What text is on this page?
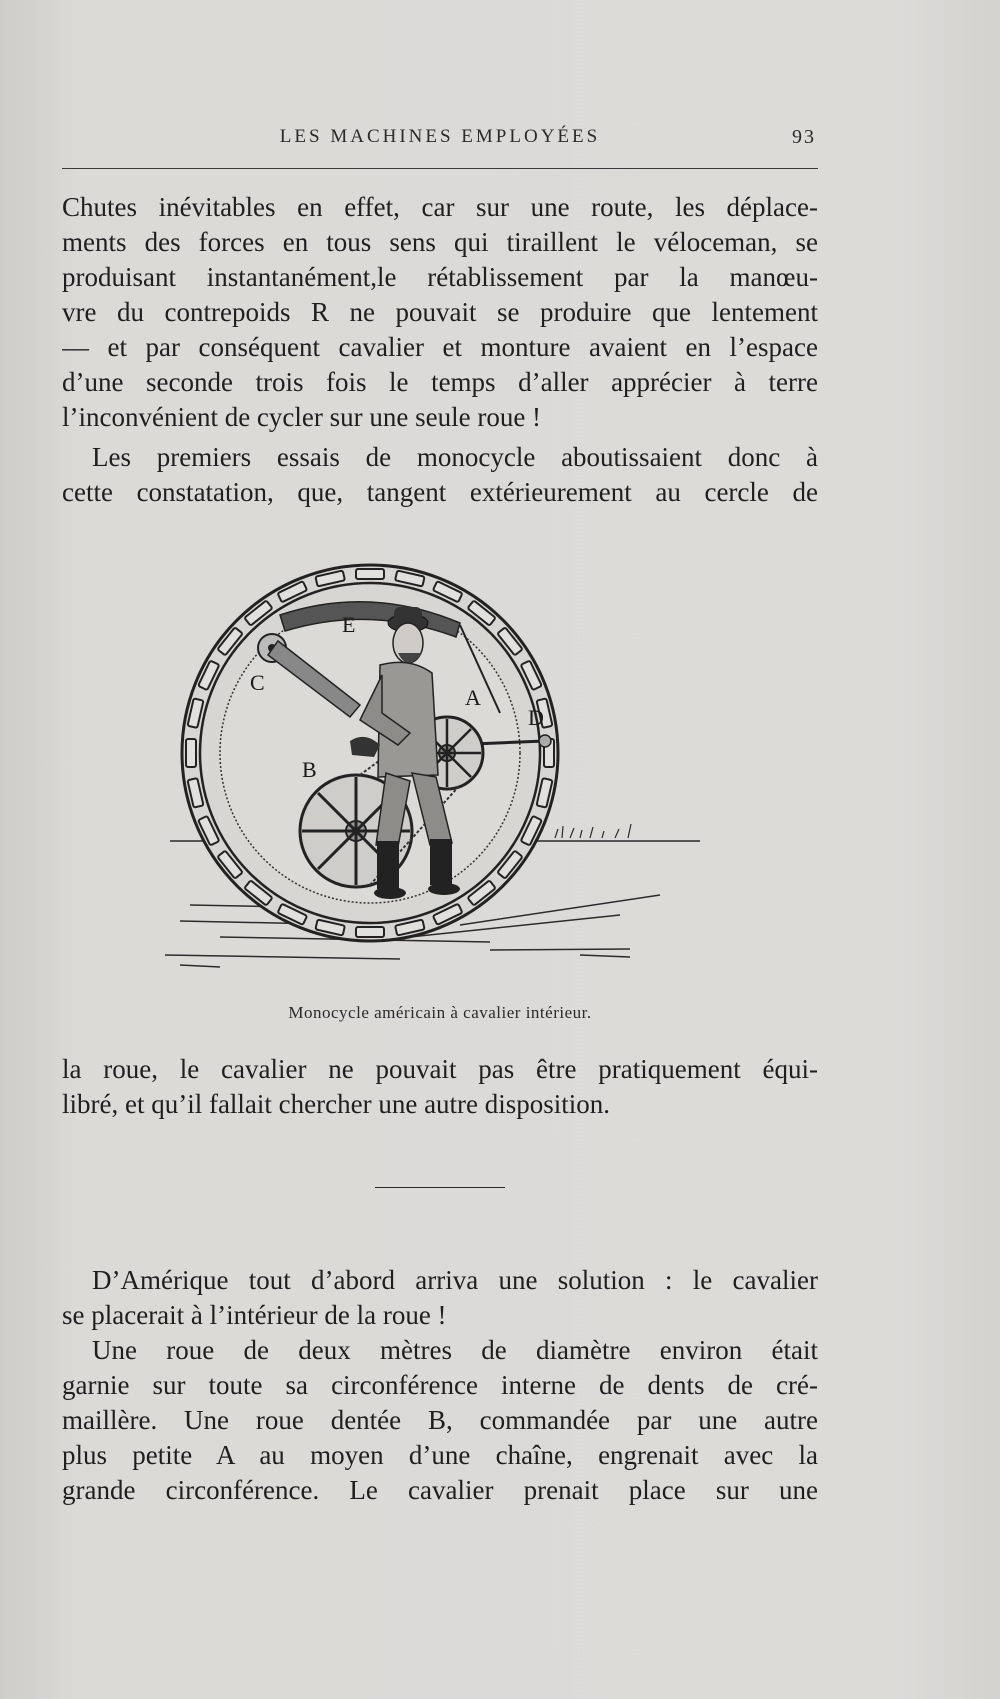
LES MACHINES EMPLOYÉES	93
Chutes inévitables en effet, car sur une route, les déplace-
ments des forces en tous sens qui tiraillent le véloceman, se
produisant instantanément,le rétablissement par la manœu-
vre du contrepoids R ne pouvait se produire que lentement
— et par conséquent cavalier et monture avaient en l’espace
d’une seconde trois fois le temps d’aller apprécier à terre
l’inconvénient de cycler sur une seule roue !
Les premiers essais de monocycle aboutissaient donc à
cette constatation, que, tangent extérieurement au cercle de
E
C
A
D
B
Monocycle américain à cavalier intérieur.
la roue, le cavalier ne pouvait pas être pratiquement équi-
libré, et qu’il fallait chercher une autre disposition.
D’Amérique tout d’abord arriva une solution : le cavalier
se placerait à l’intérieur de la roue !
Une roue de deux mètres de diamètre environ était
garnie sur toute sa circonférence interne de dents de cré-
maillère. Une roue dentée B, commandée par une autre
plus petite A au moyen d’une chaîne, engrenait avec la
grande circonférence. Le cavalier prenait place sur une
